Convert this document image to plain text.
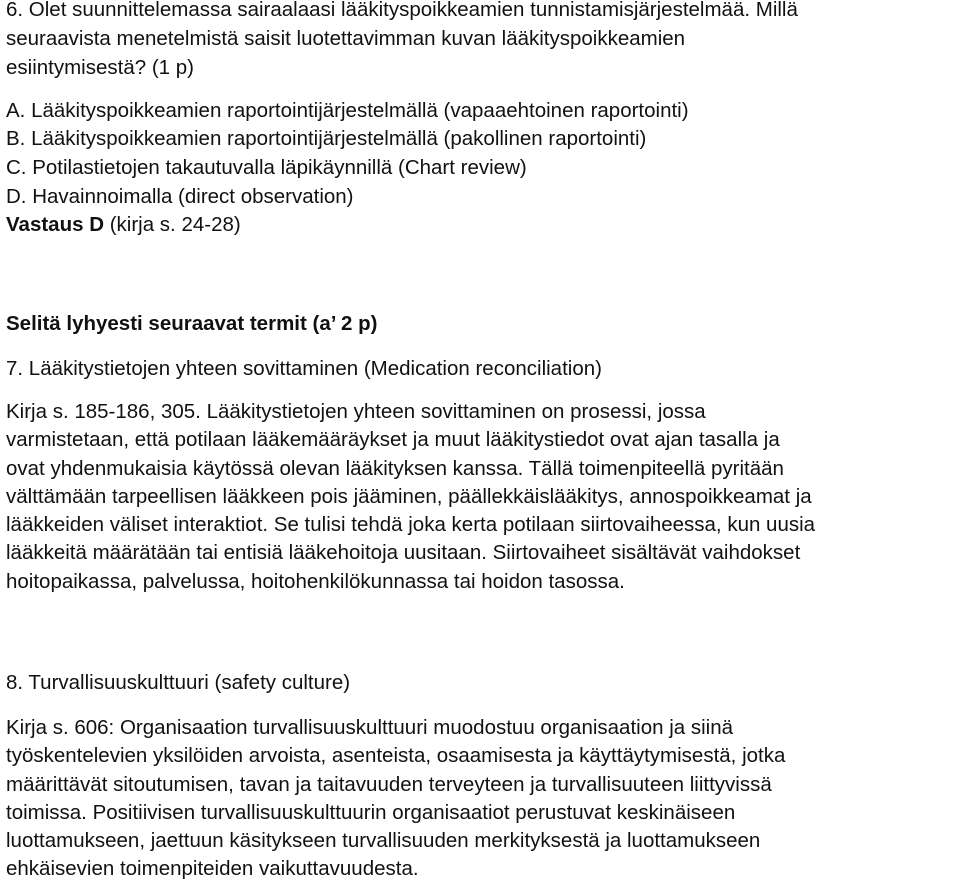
6. Olet suunnittelemassa sairaalaasi lääkityspoikkeamien tunnistamisjärjestelmää. Millä
seuraavista menetelmistä saisit luotettavimman kuvan lääkityspoikkeamien
esiintymisestä? (1 p)
A. Lääkityspoikkeamien raportointijärjestelmällä (vapaaehtoinen raportointi)
B. Lääkityspoikkeamien raportointijärjestelmällä (pakollinen raportointi)
C. Potilastietojen takautuvalla läpikäynnillä (Chart review)
D. Havainnoimalla (direct observation)
Vastaus D (kirja s. 24-28)
Selitä lyhyesti seuraavat termit (a’ 2 p)
7. Lääkitystietojen yhteen sovittaminen (Medication reconciliation)
Kirja s. 185-186, 305. Lääkitystietojen yhteen sovittaminen on prosessi, jossa
varmistetaan, että potilaan lääkemääräykset ja muut lääkitystiedot ovat ajan tasalla ja
ovat yhdenmukaisia käytössä olevan lääkityksen kanssa. Tällä toimenpiteellä pyritään
välttämään tarpeellisen lääkkeen pois jääminen, päällekkäislääkitys, annospoikkeamat ja
lääkkeiden väliset interaktiot. Se tulisi tehdä joka kerta potilaan siirtovaiheessa, kun uusia
lääkkeitä määrätään tai entisiä lääkehoitoja uusitaan. Siirtovaiheet sisältävät vaihdokset
hoitopaikassa, palvelussa, hoitohenkilökunnassa tai hoidon tasossa.
8. Turvallisuuskulttuuri (safety culture)
Kirja s. 606: Organisaation turvallisuuskulttuuri muodostuu organisaation ja siinä
työskentelevien yksilöiden arvoista, asenteista, osaamisesta ja käyttäytymisestä, jotka
määrittävät sitoutumisen, tavan ja taitavuuden terveyteen ja turvallisuuteen liittyvissä
toimissa. Positiivisen turvallisuuskulttuurin organisaatiot perustuvat keskinäiseen
luottamukseen, jaettuun käsitykseen turvallisuuden merkityksestä ja luottamukseen
ehkäisevien toimenpiteiden vaikuttavuudesta.
